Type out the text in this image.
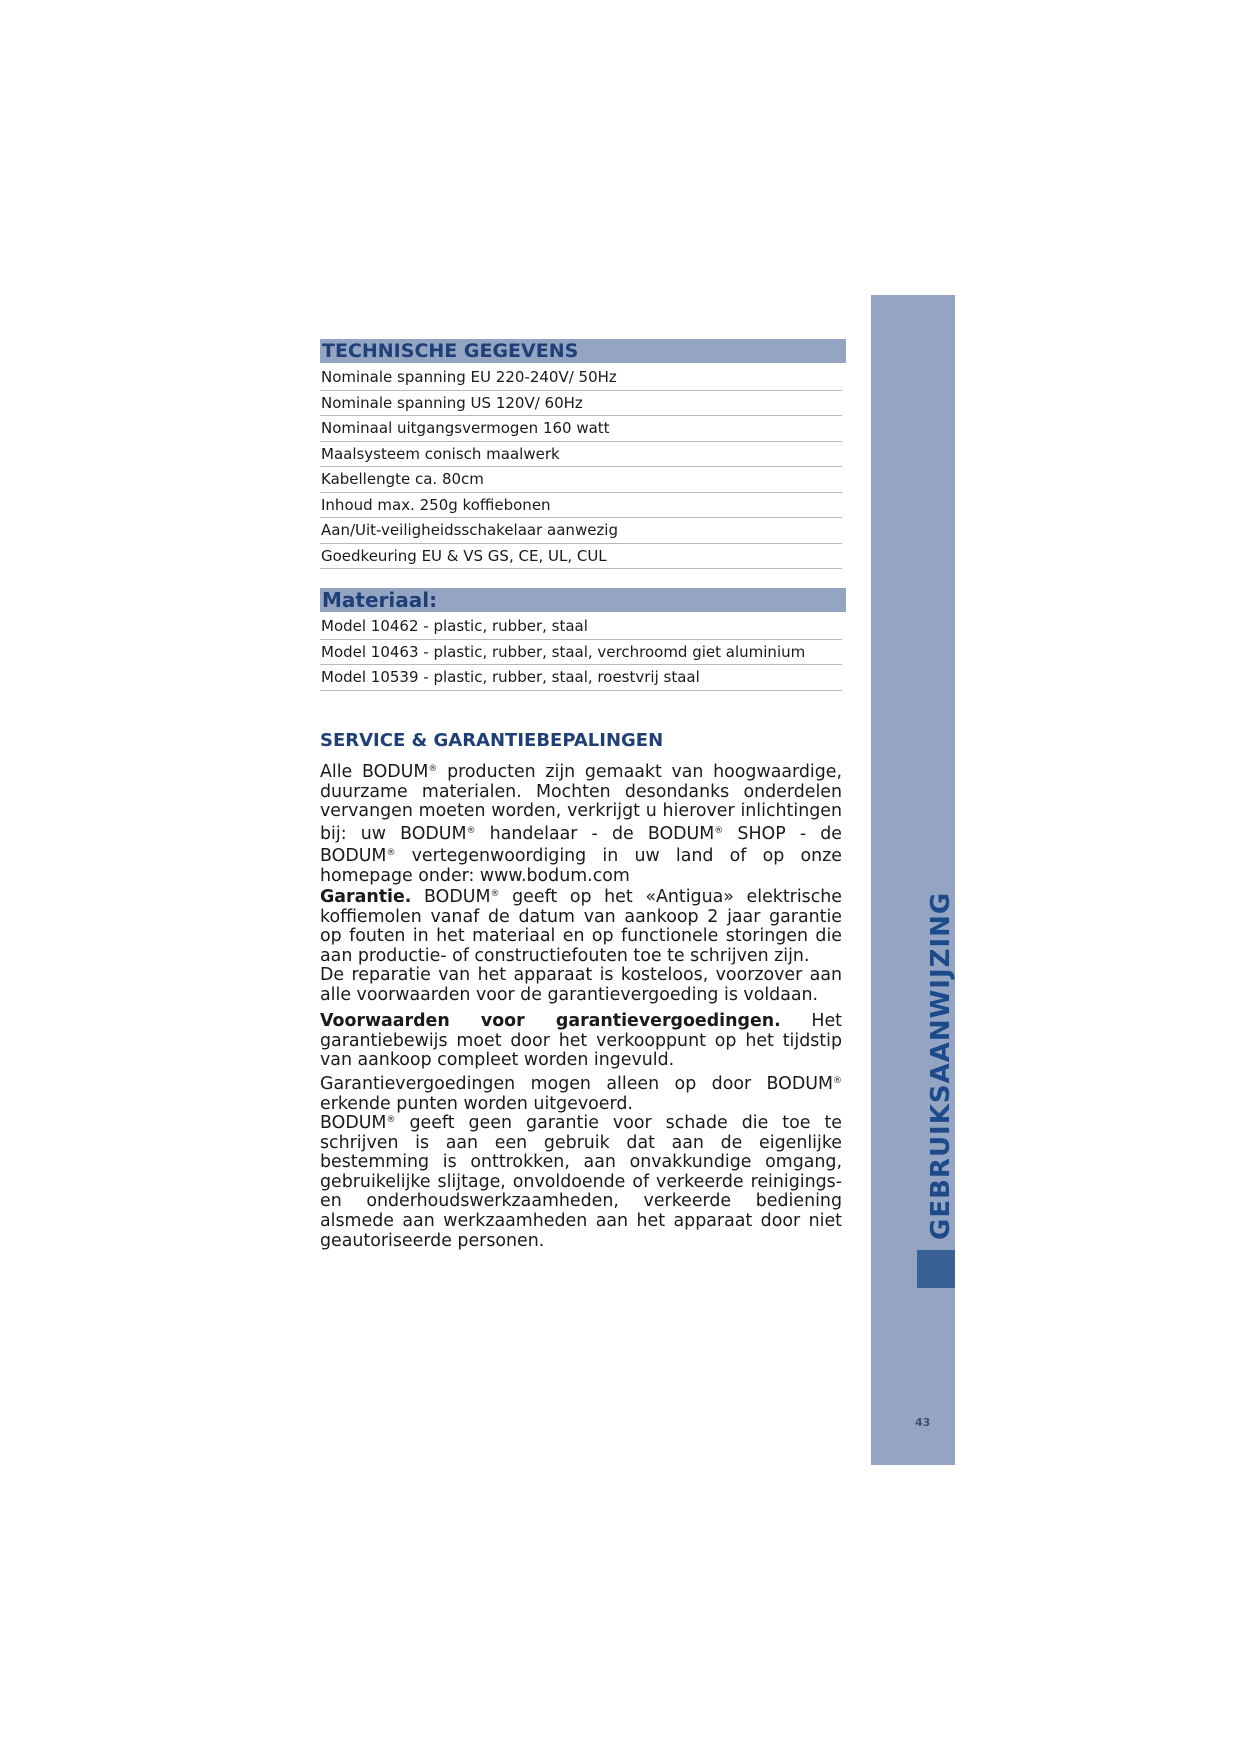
GEBRUIKSAANWIJZING
43
TECHNISCHE GEGEVENS
Nominale spanning EU 220-240V/ 50Hz
Nominale spanning US 120V/ 60Hz
Nominaal uitgangsvermogen 160 watt
Maalsysteem conisch maalwerk
Kabellengte ca. 80cm
Inhoud max. 250g koffiebonen
Aan/Uit-veiligheidsschakelaar aanwezig
Goedkeuring EU & VS GS, CE, UL, CUL
Materiaal:
Model 10462 - plastic, rubber, staal
Model 10463 - plastic, rubber, staal, verchroomd giet aluminium
Model 10539 - plastic, rubber, staal, roestvrij staal
SERVICE & GARANTIEBEPALINGEN

Alle BODUM® producten zijn gemaakt van hoogwaardige, duurzame materialen. Mochten desondanks onderdelen vervangen moeten worden, verkrijgt u hierover inlichtingen bij: uw BODUM® handelaar - de BODUM® SHOP - de BODUM® vertegenwoordiging in uw land of op onze homepage onder: www.bodum.com

Garantie. BODUM® geeft op het «Antigua» elektrische koffiemolen vanaf de datum van aankoop 2 jaar garantie op fouten in het materiaal en op functionele storingen die aan productie- of constructiefouten toe te schrijven zijn.
De reparatie van het apparaat is kosteloos, voorzover aan alle voorwaarden voor de garantievergoeding is voldaan.

Voorwaarden voor garantievergoedingen. Het garantiebewijs moet door het verkooppunt op het tijdstip van aankoop compleet worden ingevuld.

Garantievergoedingen mogen alleen op door BODUM® erkende punten worden uitgevoerd.

BODUM® geeft geen garantie voor schade die toe te schrijven is aan een gebruik dat aan de eigenlijke bestemming is onttrokken, aan onvakkundige omgang, gebruikelijke slijtage, onvoldoende of verkeerde reinigings- en onderhoudswerkzaamheden, verkeerde bediening alsmede aan werkzaamheden aan het apparaat door niet geautoriseerde personen.
